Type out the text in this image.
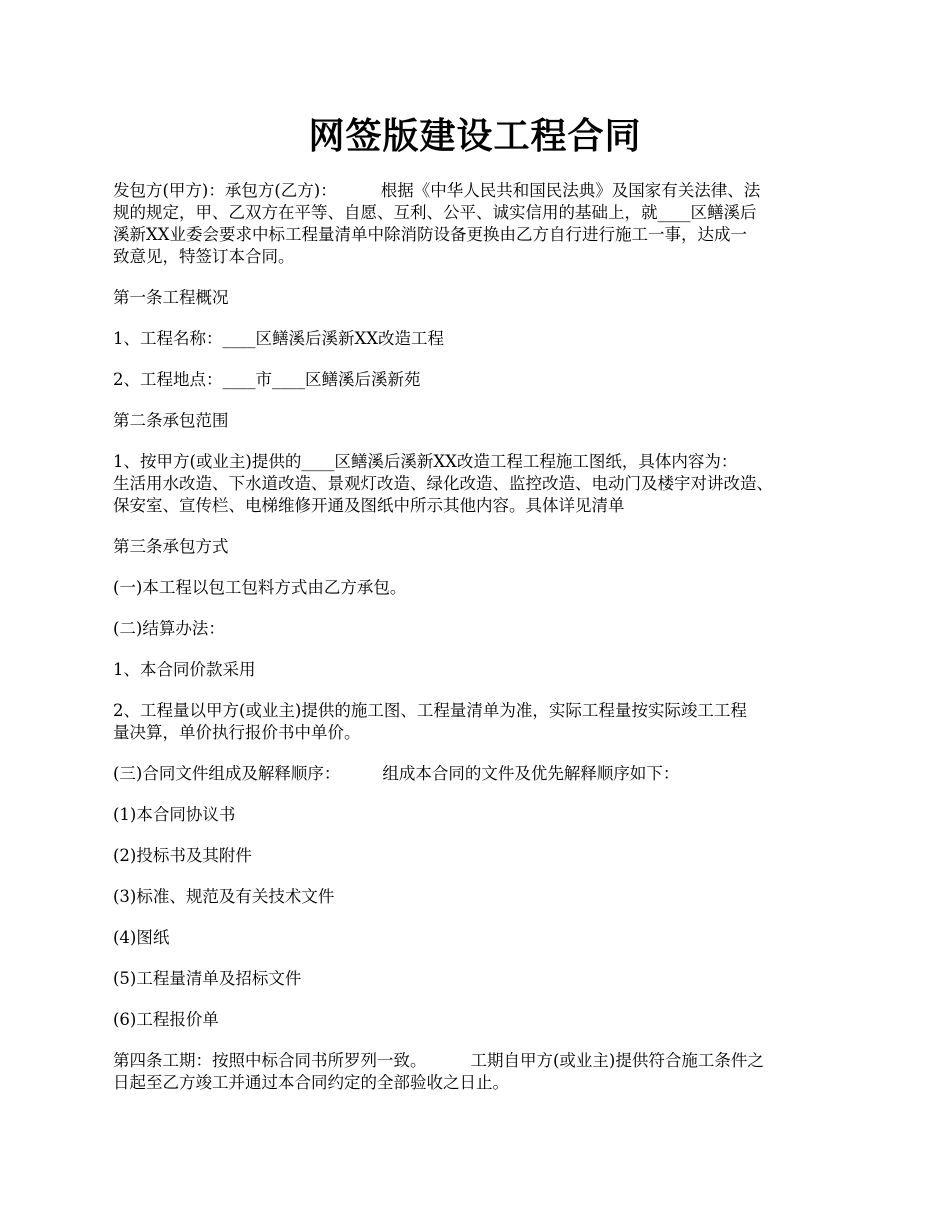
网签版建设工程合同
发包方(甲方)：承包方(乙方)：	根据《中华人民共和国民法典》及国家有关法律、法
规的规定，甲、乙双方在平等、自愿、互利、公平、诚实信用的基础上，就____区鳝溪后
溪新XX业委会要求中标工程量清单中除消防设备更换由乙方自行进行施工一事，达成一
致意见，特签订本合同。
第一条工程概况
1、工程名称：____区鳝溪后溪新XX改造工程
2、工程地点：____市____区鳝溪后溪新苑
第二条承包范围
1、按甲方(或业主)提供的____区鳝溪后溪新XX改造工程工程施工图纸，具体内容为：
生活用水改造、下水道改造、景观灯改造、绿化改造、监控改造、电动门及楼宇对讲改造、
保安室、宣传栏、电梯维修开通及图纸中所示其他内容。具体详见清单
第三条承包方式
(一)本工程以包工包料方式由乙方承包。
(二)结算办法：
1、本合同价款采用
2、工程量以甲方(或业主)提供的施工图、工程量清单为准，实际工程量按实际竣工工程
量决算，单价执行报价书中单价。
(三)合同文件组成及解释顺序：	组成本合同的文件及优先解释顺序如下：
(1)本合同协议书
(2)投标书及其附件
(3)标准、规范及有关技术文件
(4)图纸
(5)工程量清单及招标文件
(6)工程报价单
第四条工期：按照中标合同书所罗列一致。	工期自甲方(或业主)提供符合施工条件之
日起至乙方竣工并通过本合同约定的全部验收之日止。
